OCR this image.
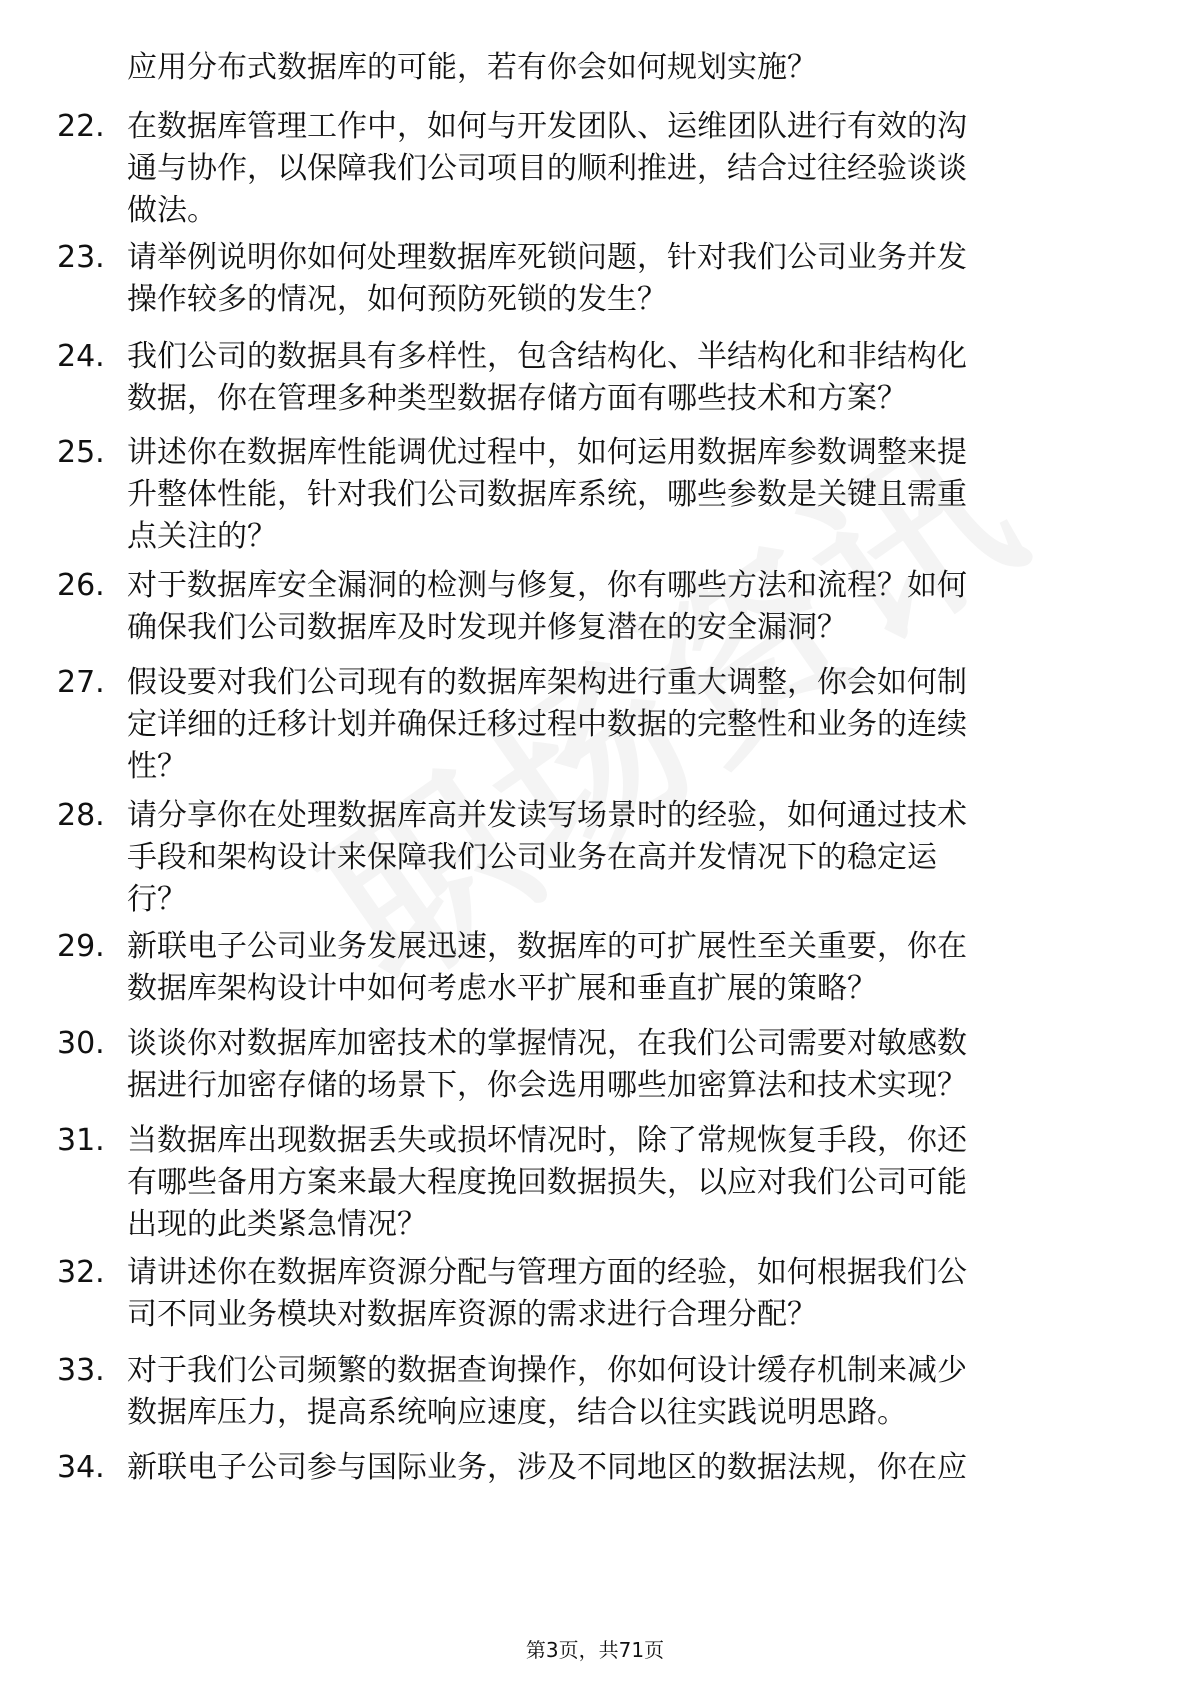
应用分布式数据库的可能，若有你会如何规划实施？
22. 在数据库管理工作中，如何与开发团队、运维团队进行有效的沟
通与协作，以保障我们公司项目的顺利推进，结合过往经验谈谈
做法。
23. 请举例说明你如何处理数据库死锁问题，针对我们公司业务并发
操作较多的情况，如何预防死锁的发生？
24. 我们公司的数据具有多样性，包含结构化、半结构化和非结构化
数据，你在管理多种类型数据存储方面有哪些技术和方案？
25. 讲述你在数据库性能调优过程中，如何运用数据库参数调整来提
升整体性能，针对我们公司数据库系统，哪些参数是关键且需重
点关注的？
26. 对于数据库安全漏洞的检测与修复，你有哪些方法和流程？如何
确保我们公司数据库及时发现并修复潜在的安全漏洞？
27. 假设要对我们公司现有的数据库架构进行重大调整，你会如何制
定详细的迁移计划并确保迁移过程中数据的完整性和业务的连续
性？
28. 请分享你在处理数据库高并发读写场景时的经验，如何通过技术
手段和架构设计来保障我们公司业务在高并发情况下的稳定运
行？
29. 新联电子公司业务发展迅速，数据库的可扩展性至关重要，你在
数据库架构设计中如何考虑水平扩展和垂直扩展的策略？
30. 谈谈你对数据库加密技术的掌握情况，在我们公司需要对敏感数
据进行加密存储的场景下，你会选用哪些加密算法和技术实现？
31. 当数据库出现数据丢失或损坏情况时，除了常规恢复手段，你还
有哪些备用方案来最大程度挽回数据损失，以应对我们公司可能
出现的此类紧急情况？
32. 请讲述你在数据库资源分配与管理方面的经验，如何根据我们公
司不同业务模块对数据库资源的需求进行合理分配？
33. 对于我们公司频繁的数据查询操作，你如何设计缓存机制来减少
数据库压力，提高系统响应速度，结合以往实践说明思路。
34. 新联电子公司参与国际业务，涉及不同地区的数据法规，你在应
第3页，共71页
